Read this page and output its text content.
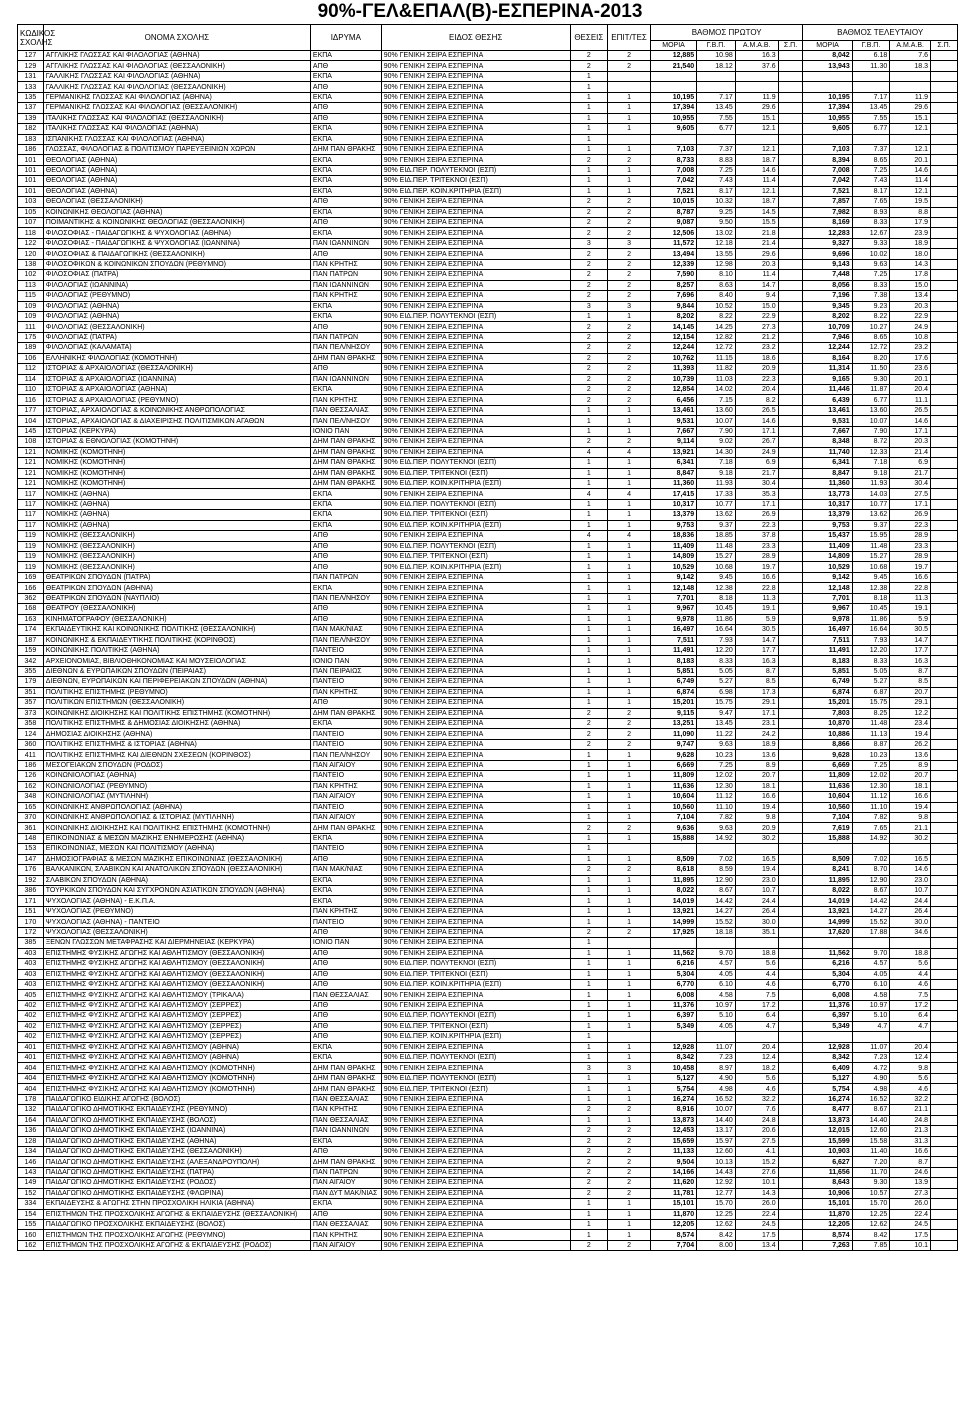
90%-ΓΕΛ&ΕΠΑΛ(Β)-ΕΣΠΕΡΙΝΑ-2013
ΚΩΔΙΚΟΣ ΣΧΟΛΗΣ	ΟΝΟΜΑ ΣΧΟΛΗΣ	ΙΔΡΥΜΑ	ΕΙΔΟΣ ΘΕΣΗΣ	ΘΕΣΕΙΣ	ΕΠΙΤ/ΤΕΣ	ΒΑΘΜΟΣ ΠΡΩΤΟΥ				ΒΑΘΜΟΣ ΤΕΛΕΥΤΑΙΟΥ			
						ΜΟΡΙΑ	Γ.Β.Π.	Α.Μ.Α.Β.	Σ.Π.	ΜΟΡΙΑ	Γ.Β.Π.	Α.Μ.Α.Β.	Σ.Π.
127	ΑΓΓΛΙΚΗΣ ΓΛΩΣΣΑΣ ΚΑΙ ΦΙΛΟΛΟΓΙΑΣ (ΑΘΗΝΑ)	ΕΚΠΑ	90% ΓΕΝΙΚΗ ΣΕΙΡΑ ΕΣΠΕΡΙΝΑ	2	2	12,885	10.98	16.3		8,042	6.18	7.6	
129	ΑΓΓΛΙΚΗΣ ΓΛΩΣΣΑΣ ΚΑΙ ΦΙΛΟΛΟΓΙΑΣ (ΘΕΣΣΑΛΟΝΙΚΗ)	ΑΠΘ	90% ΓΕΝΙΚΗ ΣΕΙΡΑ ΕΣΠΕΡΙΝΑ	2	2	21,540	18.12	37.6		13,943	11.30	18.3	
131	ΓΑΛΛΙΚΗΣ ΓΛΩΣΣΑΣ ΚΑΙ ΦΙΛΟΛΟΓΙΑΣ (ΑΘΗΝΑ)	ΕΚΠΑ	90% ΓΕΝΙΚΗ ΣΕΙΡΑ ΕΣΠΕΡΙΝΑ	1									
133	ΓΑΛΛΙΚΗΣ ΓΛΩΣΣΑΣ ΚΑΙ ΦΙΛΟΛΟΓΙΑΣ (ΘΕΣΣΑΛΟΝΙΚΗ)	ΑΠΘ	90% ΓΕΝΙΚΗ ΣΕΙΡΑ ΕΣΠΕΡΙΝΑ	1									
135	ΓΕΡΜΑΝΙΚΗΣ ΓΛΩΣΣΑΣ ΚΑΙ ΦΙΛΟΛΟΓΙΑΣ (ΑΘΗΝΑ)	ΕΚΠΑ	90% ΓΕΝΙΚΗ ΣΕΙΡΑ ΕΣΠΕΡΙΝΑ	1	1	10,195	7.17	11.9		10,195	7.17	11.9	
137	ΓΕΡΜΑΝΙΚΗΣ ΓΛΩΣΣΑΣ ΚΑΙ ΦΙΛΟΛΟΓΙΑΣ (ΘΕΣΣΑΛΟΝΙΚΗ)	ΑΠΘ	90% ΓΕΝΙΚΗ ΣΕΙΡΑ ΕΣΠΕΡΙΝΑ	1	1	17,394	13.45	29.6		17,394	13.45	29.6	
139	ΙΤΑΛΙΚΗΣ ΓΛΩΣΣΑΣ ΚΑΙ ΦΙΛΟΛΟΓΙΑΣ (ΘΕΣΣΑΛΟΝΙΚΗ)	ΑΠΘ	90% ΓΕΝΙΚΗ ΣΕΙΡΑ ΕΣΠΕΡΙΝΑ	1	1	10,955	7.55	15.1		10,955	7.55	15.1	
182	ΙΤΑΛΙΚΗΣ ΓΛΩΣΣΑΣ ΚΑΙ ΦΙΛΟΛΟΓΙΑΣ (ΑΘΗΝΑ)	ΕΚΠΑ	90% ΓΕΝΙΚΗ ΣΕΙΡΑ ΕΣΠΕΡΙΝΑ	1	1	9,605	6.77	12.1		9,605	6.77	12.1	
183	ΙΣΠΑΝΙΚΗΣ ΓΛΩΣΣΑΣ ΚΑΙ ΦΙΛΟΛΟΓΙΑΣ (ΑΘΗΝΑ)	ΕΚΠΑ	90% ΓΕΝΙΚΗ ΣΕΙΡΑ ΕΣΠΕΡΙΝΑ	1									
186	ΓΛΩΣΣΑΣ, ΦΙΛΟΛΟΓΙΑΣ & ΠΟΛΙΤΙΣΜΟΥ ΠΑΡΕΥΞΕΙΝΙΩΝ ΧΩΡΩΝ	ΔΗΜ ΠΑΝ ΘΡΑΚΗΣ	90% ΓΕΝΙΚΗ ΣΕΙΡΑ ΕΣΠΕΡΙΝΑ	1	1	7,103	7.37	12.1		7,103	7.37	12.1	
101	ΘΕΟΛΟΓΙΑΣ (ΑΘΗΝΑ)	ΕΚΠΑ	90% ΓΕΝΙΚΗ ΣΕΙΡΑ ΕΣΠΕΡΙΝΑ	2	2	8,733	8.83	18.7		8,394	8.65	20.1	
101	ΘΕΟΛΟΓΙΑΣ (ΑΘΗΝΑ)	ΕΚΠΑ	90% ΕΙΔ.ΠΕΡ. ΠΟΛΥΤΕΚΝΟΙ (ΕΣΠ)	1	1	7,008	7.25	14.6		7,008	7.25	14.6	
101	ΘΕΟΛΟΓΙΑΣ (ΑΘΗΝΑ)	ΕΚΠΑ	90% ΕΙΔ.ΠΕΡ. ΤΡΙΤΕΚΝΟΙ (ΕΣΠ)	1	1	7,042	7.43	11.4		7,042	7.43	11.4	
101	ΘΕΟΛΟΓΙΑΣ (ΑΘΗΝΑ)	ΕΚΠΑ	90% ΕΙΔ.ΠΕΡ. ΚΟΙΝ.ΚΡΙΤΗΡΙΑ (ΕΣΠ)	1	1	7,521	8.17	12.1		7,521	8.17	12.1	
103	ΘΕΟΛΟΓΙΑΣ (ΘΕΣΣΑΛΟΝΙΚΗ)	ΑΠΘ	90% ΓΕΝΙΚΗ ΣΕΙΡΑ ΕΣΠΕΡΙΝΑ	2	2	10,015	10.32	18.7		7,857	7.65	19.5	
105	ΚΟΙΝΩΝΙΚΗΣ ΘΕΟΛΟΓΙΑΣ (ΑΘΗΝΑ)	ΕΚΠΑ	90% ΓΕΝΙΚΗ ΣΕΙΡΑ ΕΣΠΕΡΙΝΑ	2	2	8,787	9.25	14.5		7,982	8.93	8.8	
107	ΠΟΙΜΑΝΤΙΚΗΣ & ΚΟΙΝΩΝΙΚΗΣ ΘΕΟΛΟΓΙΑΣ (ΘΕΣΣΑΛΟΝΙΚΗ)	ΑΠΘ	90% ΓΕΝΙΚΗ ΣΕΙΡΑ ΕΣΠΕΡΙΝΑ	2	2	9,087	9.50	15.5		8,169	8.33	17.9	
118	ΦΙΛΟΣΟΦΙΑΣ - ΠΑΙΔΑΓΩΓΙΚΗΣ & ΨΥΧΟΛΟΓΙΑΣ (ΑΘΗΝΑ)	ΕΚΠΑ	90% ΓΕΝΙΚΗ ΣΕΙΡΑ ΕΣΠΕΡΙΝΑ	2	2	12,506	13.02	21.8		12,283	12.67	23.9	
122	ΦΙΛΟΣΟΦΙΑΣ - ΠΑΙΔΑΓΩΓΙΚΗΣ & ΨΥΧΟΛΟΓΙΑΣ (ΙΩΑΝΝΙΝΑ)	ΠΑΝ ΙΩΑΝΝΙΝΩΝ	90% ΓΕΝΙΚΗ ΣΕΙΡΑ ΕΣΠΕΡΙΝΑ	3	3	11,572	12.18	21.4		9,327	9.33	18.9	
120	ΦΙΛΟΣΟΦΙΑΣ & ΠΑΙΔΑΓΩΓΙΚΗΣ (ΘΕΣΣΑΛΟΝΙΚΗ)	ΑΠΘ	90% ΓΕΝΙΚΗ ΣΕΙΡΑ ΕΣΠΕΡΙΝΑ	2	2	13,494	13.55	29.6		9,696	10.02	18.0	
138	ΦΙΛΟΣΟΦΙΚΩΝ & ΚΟΙΝΩΝΙΚΩΝ ΣΠΟΥΔΩΝ (ΡΕΘΥΜΝΟ)	ΠΑΝ ΚΡΗΤΗΣ	90% ΓΕΝΙΚΗ ΣΕΙΡΑ ΕΣΠΕΡΙΝΑ	2	2	12,339	12.98	20.3		9,143	9.63	14.3	
102	ΦΙΛΟΣΟΦΙΑΣ (ΠΑΤΡΑ)	ΠΑΝ ΠΑΤΡΩΝ	90% ΓΕΝΙΚΗ ΣΕΙΡΑ ΕΣΠΕΡΙΝΑ	2	2	7,590	8.10	11.4		7,448	7.25	17.8	
113	ΦΙΛΟΛΟΓΙΑΣ (ΙΩΑΝΝΙΝΑ)	ΠΑΝ ΙΩΑΝΝΙΝΩΝ	90% ΓΕΝΙΚΗ ΣΕΙΡΑ ΕΣΠΕΡΙΝΑ	2	2	8,257	8.63	14.7		8,056	8.33	15.0	
115	ΦΙΛΟΛΟΓΙΑΣ (ΡΕΘΥΜΝΟ)	ΠΑΝ ΚΡΗΤΗΣ	90% ΓΕΝΙΚΗ ΣΕΙΡΑ ΕΣΠΕΡΙΝΑ	2	2	7,696	8.40	9.4		7,196	7.38	13.4	
109	ΦΙΛΟΛΟΓΙΑΣ (ΑΘΗΝΑ)	ΕΚΠΑ	90% ΓΕΝΙΚΗ ΣΕΙΡΑ ΕΣΠΕΡΙΝΑ	3	3	9,844	10.52	15.0		9,345	9.23	20.3	
109	ΦΙΛΟΛΟΓΙΑΣ (ΑΘΗΝΑ)	ΕΚΠΑ	90% ΕΙΔ.ΠΕΡ. ΠΟΛΥΤΕΚΝΟΙ (ΕΣΠ)	1	1	8,202	8.22	22.9		8,202	8.22	22.9	
111	ΦΙΛΟΛΟΓΙΑΣ (ΘΕΣΣΑΛΟΝΙΚΗ)	ΑΠΘ	90% ΓΕΝΙΚΗ ΣΕΙΡΑ ΕΣΠΕΡΙΝΑ	2	2	14,145	14.25	27.3		10,709	10.27	24.9	
175	ΦΙΛΟΛΟΓΙΑΣ (ΠΑΤΡΑ)	ΠΑΝ ΠΑΤΡΩΝ	90% ΓΕΝΙΚΗ ΣΕΙΡΑ ΕΣΠΕΡΙΝΑ	2	2	12,154	12.82	21.2		7,946	8.65	10.8	
189	ΦΙΛΟΛΟΓΙΑΣ (ΚΑΛΑΜΑΤΑ)	ΠΑΝ ΠΕΛ/ΝΗΣΟΥ	90% ΓΕΝΙΚΗ ΣΕΙΡΑ ΕΣΠΕΡΙΝΑ	2	2	12,244	12.72	23.2		12,244	12.72	23.2	
106	ΕΛΛΗΝΙΚΗΣ ΦΙΛΟΛΟΓΙΑΣ (ΚΟΜΟΤΗΝΗ)	ΔΗΜ ΠΑΝ ΘΡΑΚΗΣ	90% ΓΕΝΙΚΗ ΣΕΙΡΑ ΕΣΠΕΡΙΝΑ	2	2	10,762	11.15	18.6		8,164	8.20	17.6	
112	ΙΣΤΟΡΙΑΣ & ΑΡΧΑΙΟΛΟΓΙΑΣ (ΘΕΣΣΑΛΟΝΙΚΗ)	ΑΠΘ	90% ΓΕΝΙΚΗ ΣΕΙΡΑ ΕΣΠΕΡΙΝΑ	2	2	11,393	11.82	20.9		11,314	11.50	23.6	
114	ΙΣΤΟΡΙΑΣ & ΑΡΧΑΙΟΛΟΓΙΑΣ (ΙΩΑΝΝΙΝΑ)	ΠΑΝ ΙΩΑΝΝΙΝΩΝ	90% ΓΕΝΙΚΗ ΣΕΙΡΑ ΕΣΠΕΡΙΝΑ	2	2	10,739	11.03	22.3		9,165	9.30	20.1	
110	ΙΣΤΟΡΙΑΣ & ΑΡΧΑΙΟΛΟΓΙΑΣ (ΑΘΗΝΑ)	ΕΚΠΑ	90% ΓΕΝΙΚΗ ΣΕΙΡΑ ΕΣΠΕΡΙΝΑ	2	2	12,854	14.02	20.4		11,446	11.87	20.4	
116	ΙΣΤΟΡΙΑΣ & ΑΡΧΑΙΟΛΟΓΙΑΣ (ΡΕΘΥΜΝΟ)	ΠΑΝ ΚΡΗΤΗΣ	90% ΓΕΝΙΚΗ ΣΕΙΡΑ ΕΣΠΕΡΙΝΑ	2	2	6,456	7.15	8.2		6,439	6.77	11.1	
177	ΙΣΤΟΡΙΑΣ, ΑΡΧΑΙΟΛΟΓΙΑΣ & ΚΟΙΝΩΝΙΚΗΣ ΑΝΘΡΩΠΟΛΟΓΙΑΣ	ΠΑΝ ΘΕΣΣΑΛΙΑΣ	90% ΓΕΝΙΚΗ ΣΕΙΡΑ ΕΣΠΕΡΙΝΑ	1	1	13,461	13.60	26.5		13,461	13.60	26.5	
104	ΙΣΤΟΡΙΑΣ, ΑΡΧΑΙΟΛΟΓΙΑΣ & ΔΙΑΧΕΙΡΙΣΗΣ ΠΟΛΙΤΙΣΜΙΚΩΝ ΑΓΑΘΩΝ	ΠΑΝ ΠΕΛ/ΝΗΣΟΥ	90% ΓΕΝΙΚΗ ΣΕΙΡΑ ΕΣΠΕΡΙΝΑ	1	1	9,531	10.07	14.6		9,531	10.07	14.6	
145	ΙΣΤΟΡΙΑΣ (ΚΕΡΚΥΡΑ)	ΙΟΝΙΟ ΠΑΝ	90% ΓΕΝΙΚΗ ΣΕΙΡΑ ΕΣΠΕΡΙΝΑ	1	1	7,667	7.90	17.1		7,667	7.90	17.1	
108	ΙΣΤΟΡΙΑΣ & ΕΘΝΟΛΟΓΙΑΣ (ΚΟΜΟΤΗΝΗ)	ΔΗΜ ΠΑΝ ΘΡΑΚΗΣ	90% ΓΕΝΙΚΗ ΣΕΙΡΑ ΕΣΠΕΡΙΝΑ	2	2	9,114	9.02	26.7		8,348	8.72	20.3	
121	ΝΟΜΙΚΗΣ (ΚΟΜΟΤΗΝΗ)	ΔΗΜ ΠΑΝ ΘΡΑΚΗΣ	90% ΓΕΝΙΚΗ ΣΕΙΡΑ ΕΣΠΕΡΙΝΑ	4	4	13,921	14.30	24.9		11,740	12.33	21.4	
121	ΝΟΜΙΚΗΣ (ΚΟΜΟΤΗΝΗ)	ΔΗΜ ΠΑΝ ΘΡΑΚΗΣ	90% ΕΙΔ.ΠΕΡ. ΠΟΛΥΤΕΚΝΟΙ (ΕΣΠ)	1	1	6,341	7.18	6.9		6,341	7.18	6.9	
121	ΝΟΜΙΚΗΣ (ΚΟΜΟΤΗΝΗ)	ΔΗΜ ΠΑΝ ΘΡΑΚΗΣ	90% ΕΙΔ.ΠΕΡ. ΤΡΙΤΕΚΝΟΙ (ΕΣΠ)	1	1	8,847	9.18	21.7		8,847	9.18	21.7	
121	ΝΟΜΙΚΗΣ (ΚΟΜΟΤΗΝΗ)	ΔΗΜ ΠΑΝ ΘΡΑΚΗΣ	90% ΕΙΔ.ΠΕΡ. ΚΟΙΝ.ΚΡΙΤΗΡΙΑ (ΕΣΠ)	1	1	11,360	11.93	30.4		11,360	11.93	30.4	
117	ΝΟΜΙΚΗΣ (ΑΘΗΝΑ)	ΕΚΠΑ	90% ΓΕΝΙΚΗ ΣΕΙΡΑ ΕΣΠΕΡΙΝΑ	4	4	17,415	17.33	35.3		13,773	14.03	27.5	
117	ΝΟΜΙΚΗΣ (ΑΘΗΝΑ)	ΕΚΠΑ	90% ΕΙΔ.ΠΕΡ. ΠΟΛΥΤΕΚΝΟΙ (ΕΣΠ)	1	1	10,317	10.77	17.1		10,317	10.77	17.1	
117	ΝΟΜΙΚΗΣ (ΑΘΗΝΑ)	ΕΚΠΑ	90% ΕΙΔ.ΠΕΡ. ΤΡΙΤΕΚΝΟΙ (ΕΣΠ)	1	1	13,379	13.62	26.9		13,379	13.62	26.9	
117	ΝΟΜΙΚΗΣ (ΑΘΗΝΑ)	ΕΚΠΑ	90% ΕΙΔ.ΠΕΡ. ΚΟΙΝ.ΚΡΙΤΗΡΙΑ (ΕΣΠ)	1	1	9,753	9.37	22.3		9,753	9.37	22.3	
119	ΝΟΜΙΚΗΣ (ΘΕΣΣΑΛΟΝΙΚΗ)	ΑΠΘ	90% ΓΕΝΙΚΗ ΣΕΙΡΑ ΕΣΠΕΡΙΝΑ	4	4	18,836	18.85	37.8		15,437	15.95	28.9	
119	ΝΟΜΙΚΗΣ (ΘΕΣΣΑΛΟΝΙΚΗ)	ΑΠΘ	90% ΕΙΔ.ΠΕΡ. ΠΟΛΥΤΕΚΝΟΙ (ΕΣΠ)	1	1	11,409	11.48	23.3		11,409	11.48	23.3	
119	ΝΟΜΙΚΗΣ (ΘΕΣΣΑΛΟΝΙΚΗ)	ΑΠΘ	90% ΕΙΔ.ΠΕΡ. ΤΡΙΤΕΚΝΟΙ (ΕΣΠ)	1	1	14,809	15.27	28.9		14,809	15.27	28.9	
119	ΝΟΜΙΚΗΣ (ΘΕΣΣΑΛΟΝΙΚΗ)	ΑΠΘ	90% ΕΙΔ.ΠΕΡ. ΚΟΙΝ.ΚΡΙΤΗΡΙΑ (ΕΣΠ)	1	1	10,529	10.68	19.7		10,529	10.68	19.7	
169	ΘΕΑΤΡΙΚΩΝ ΣΠΟΥΔΩΝ (ΠΑΤΡΑ)	ΠΑΝ ΠΑΤΡΩΝ	90% ΓΕΝΙΚΗ ΣΕΙΡΑ ΕΣΠΕΡΙΝΑ	1	1	9,142	9.45	16.6		9,142	9.45	16.6	
166	ΘΕΑΤΡΙΚΩΝ ΣΠΟΥΔΩΝ (ΑΘΗΝΑ)	ΕΚΠΑ	90% ΓΕΝΙΚΗ ΣΕΙΡΑ ΕΣΠΕΡΙΝΑ	1	1	12,148	12.38	22.8		12,148	12.38	22.8	
362	ΘΕΑΤΡΙΚΩΝ ΣΠΟΥΔΩΝ (ΝΑΥΠΛΙΟ)	ΠΑΝ ΠΕΛ/ΝΗΣΟΥ	90% ΓΕΝΙΚΗ ΣΕΙΡΑ ΕΣΠΕΡΙΝΑ	1	1	7,701	8.18	11.3		7,701	8.18	11.3	
168	ΘΕΑΤΡΟΥ (ΘΕΣΣΑΛΟΝΙΚΗ)	ΑΠΘ	90% ΓΕΝΙΚΗ ΣΕΙΡΑ ΕΣΠΕΡΙΝΑ	1	1	9,967	10.45	19.1		9,967	10.45	19.1	
163	ΚΙΝΗΜΑΤΟΓΡΑΦΟΥ (ΘΕΣΣΑΛΟΝΙΚΗ)	ΑΠΘ	90% ΓΕΝΙΚΗ ΣΕΙΡΑ ΕΣΠΕΡΙΝΑ	1	1	9,978	11.86	5.9		9,978	11.86	5.9	
174	ΕΚΠΑΙΔΕΥΤΙΚΗΣ ΚΑΙ ΚΟΙΝΩΝΙΚΗΣ ΠΟΛΙΤΙΚΗΣ (ΘΕΣΣΑΛΟΝΙΚΗ)	ΠΑΝ ΜΑΚ/ΝΙΑΣ	90% ΓΕΝΙΚΗ ΣΕΙΡΑ ΕΣΠΕΡΙΝΑ	1	1	16,497	16.64	30.5		16,497	16.64	30.5	
187	ΚΟΙΝΩΝΙΚΗΣ & ΕΚΠΑΙΔΕΥΤΙΚΗΣ ΠΟΛΙΤΙΚΗΣ (ΚΟΡΙΝΘΟΣ)	ΠΑΝ ΠΕΛ/ΝΗΣΟΥ	90% ΓΕΝΙΚΗ ΣΕΙΡΑ ΕΣΠΕΡΙΝΑ	1	1	7,511	7.93	14.7		7,511	7.93	14.7	
159	ΚΟΙΝΩΝΙΚΗΣ ΠΟΛΙΤΙΚΗΣ (ΑΘΗΝΑ)	ΠΑΝΤΕΙΟ	90% ΓΕΝΙΚΗ ΣΕΙΡΑ ΕΣΠΕΡΙΝΑ	1	1	11,491	12.20	17.7		11,491	12.20	17.7	
342	ΑΡΧΕΙΟΝΟΜΙΑΣ, ΒΙΒΛΙΟΘΗΚΟΝΟΜΙΑΣ ΚΑΙ ΜΟΥΣΕΙΟΛΟΓΙΑΣ	ΙΟΝΙΟ ΠΑΝ	90% ΓΕΝΙΚΗ ΣΕΙΡΑ ΕΣΠΕΡΙΝΑ	1	1	8,183	8.33	16.3		8,183	8.33	16.3	
355	ΔΙΕΘΝΩΝ & ΕΥΡΩΠΑΙΚΩΝ ΣΠΟΥΔΩΝ (ΠΕΙΡΑΙΑΣ)	ΠΑΝ ΠΕΙΡΑΙΩΣ	90% ΓΕΝΙΚΗ ΣΕΙΡΑ ΕΣΠΕΡΙΝΑ	1	1	5,851	5.05	8.7		5,851	5.05	8.7	
179	ΔΙΕΘΝΩΝ, ΕΥΡΩΠΑΙΚΩΝ ΚΑΙ ΠΕΡΙΦΕΡΕΙΑΚΩΝ ΣΠΟΥΔΩΝ (ΑΘΗΝΑ)	ΠΑΝΤΕΙΟ	90% ΓΕΝΙΚΗ ΣΕΙΡΑ ΕΣΠΕΡΙΝΑ	1	1	6,749	5.27	8.5		6,749	5.27	8.5	
351	ΠΟΛΙΤΙΚΗΣ ΕΠΙΣΤΗΜΗΣ (ΡΕΘΥΜΝΟ)	ΠΑΝ ΚΡΗΤΗΣ	90% ΓΕΝΙΚΗ ΣΕΙΡΑ ΕΣΠΕΡΙΝΑ	1	1	6,874	6.98	17.3		6,874	6.87	20.7	
357	ΠΟΛΙΤΙΚΩΝ ΕΠΙΣΤΗΜΩΝ (ΘΕΣΣΑΛΟΝΙΚΗ)	ΑΠΘ	90% ΓΕΝΙΚΗ ΣΕΙΡΑ ΕΣΠΕΡΙΝΑ	1	1	15,201	15.75	29.1		15,201	15.75	29.1	
373	ΚΟΙΝΩΝΙΚΗΣ ΔΙΟΙΚΗΣΗΣ ΚΑΙ ΠΟΛΙΤΙΚΗΣ ΕΠΙΣΤΗΜΗΣ (ΚΟΜΟΤΗΝΗ)	ΔΗΜ ΠΑΝ ΘΡΑΚΗΣ	90% ΓΕΝΙΚΗ ΣΕΙΡΑ ΕΣΠΕΡΙΝΑ	2	2	9,115	9.47	17.1		7,803	8.25	12.2	
358	ΠΟΛΙΤΙΚΗΣ ΕΠΙΣΤΗΜΗΣ & ΔΗΜΟΣΙΑΣ ΔΙΟΙΚΗΣΗΣ (ΑΘΗΝΑ)	ΕΚΠΑ	90% ΓΕΝΙΚΗ ΣΕΙΡΑ ΕΣΠΕΡΙΝΑ	2	2	13,251	13.45	23.1		10,870	11.48	23.4	
124	ΔΗΜΟΣΙΑΣ ΔΙΟΙΚΗΣΗΣ (ΑΘΗΝΑ)	ΠΑΝΤΕΙΟ	90% ΓΕΝΙΚΗ ΣΕΙΡΑ ΕΣΠΕΡΙΝΑ	2	2	11,090	11.22	24.2		10,886	11.13	19.4	
360	ΠΟΛΙΤΙΚΗΣ ΕΠΙΣΤΗΜΗΣ & ΙΣΤΟΡΙΑΣ (ΑΘΗΝΑ)	ΠΑΝΤΕΙΟ	90% ΓΕΝΙΚΗ ΣΕΙΡΑ ΕΣΠΕΡΙΝΑ	2	2	9,747	9.63	18.9		8,866	8.87	26.2	
411	ΠΟΛΙΤΙΚΗΣ ΕΠΙΣΤΗΜΗΣ ΚΑΙ ΔΙΕΘΝΩΝ ΣΧΕΣΕΩΝ (ΚΟΡΙΝΘΟΣ)	ΠΑΝ ΠΕΛ/ΝΗΣΟΥ	90% ΓΕΝΙΚΗ ΣΕΙΡΑ ΕΣΠΕΡΙΝΑ	1	1	9,628	10.23	13.6		9,628	10.23	13.6	
186	ΜΕΣΟΓΕΙΑΚΩΝ ΣΠΟΥΔΩΝ (ΡΟΔΟΣ)	ΠΑΝ ΑΙΓΑΙΟΥ	90% ΓΕΝΙΚΗ ΣΕΙΡΑ ΕΣΠΕΡΙΝΑ	1	1	6,669	7.25	8.9		6,669	7.25	8.9	
126	ΚΟΙΝΩΝΙΟΛΟΓΙΑΣ (ΑΘΗΝΑ)	ΠΑΝΤΕΙΟ	90% ΓΕΝΙΚΗ ΣΕΙΡΑ ΕΣΠΕΡΙΝΑ	1	1	11,809	12.02	20.7		11,809	12.02	20.7	
162	ΚΟΙΝΩΝΙΟΛΟΓΙΑΣ (ΡΕΘΥΜΝΟ)	ΠΑΝ ΚΡΗΤΗΣ	90% ΓΕΝΙΚΗ ΣΕΙΡΑ ΕΣΠΕΡΙΝΑ	1	1	11,636	12.30	18.1		11,636	12.30	18.1	
348	ΚΟΙΝΩΝΙΟΛΟΓΙΑΣ (ΜΥΤΙΛΗΝΗ)	ΠΑΝ ΑΙΓΑΙΟΥ	90% ΓΕΝΙΚΗ ΣΕΙΡΑ ΕΣΠΕΡΙΝΑ	1	1	10,604	11.12	16.6		10,604	11.12	16.6	
165	ΚΟΙΝΩΝΙΚΗΣ ΑΝΘΡΩΠΟΛΟΓΙΑΣ (ΑΘΗΝΑ)	ΠΑΝΤΕΙΟ	90% ΓΕΝΙΚΗ ΣΕΙΡΑ ΕΣΠΕΡΙΝΑ	1	1	10,560	11.10	19.4		10,560	11.10	19.4	
370	ΚΟΙΝΩΝΙΚΗΣ ΑΝΘΡΩΠΟΛΟΓΙΑΣ & ΙΣΤΟΡΙΑΣ (ΜΥΤΙΛΗΝΗ)	ΠΑΝ ΑΙΓΑΙΟΥ	90% ΓΕΝΙΚΗ ΣΕΙΡΑ ΕΣΠΕΡΙΝΑ	1	1	7,104	7.82	9.8		7,104	7.82	9.8	
361	ΚΟΙΝΩΝΙΚΗΣ ΔΙΟΙΚΗΣΗΣ ΚΑΙ ΠΟΛΙΤΙΚΗΣ ΕΠΙΣΤΗΜΗΣ (ΚΟΜΟΤΗΝΗ)	ΔΗΜ ΠΑΝ ΘΡΑΚΗΣ	90% ΓΕΝΙΚΗ ΣΕΙΡΑ ΕΣΠΕΡΙΝΑ	2	2	9,636	9.63	20.9		7,619	7.65	21.1	
148	ΕΠΙΚΟΙΝΩΝΙΑΣ & ΜΕΣΩΝ ΜΑΖΙΚΗΣ ΕΝΗΜΕΡΩΣΗΣ (ΑΘΗΝΑ)	ΕΚΠΑ	90% ΓΕΝΙΚΗ ΣΕΙΡΑ ΕΣΠΕΡΙΝΑ	1	1	15,888	14.92	30.2		15,888	14.92	30.2	
153	ΕΠΙΚΟΙΝΩΝΙΑΣ, ΜΕΣΩΝ ΚΑΙ ΠΟΛΙΤΙΣΜΟΥ (ΑΘΗΝΑ)	ΠΑΝΤΕΙΟ	90% ΓΕΝΙΚΗ ΣΕΙΡΑ ΕΣΠΕΡΙΝΑ	1									
147	ΔΗΜΟΣΙΟΓΡΑΦΙΑΣ & ΜΕΣΩΝ ΜΑΖΙΚΗΣ ΕΠΙΚΟΙΝΩΝΙΑΣ (ΘΕΣΣΑΛΟΝΙΚΗ)	ΑΠΘ	90% ΓΕΝΙΚΗ ΣΕΙΡΑ ΕΣΠΕΡΙΝΑ	1	1	8,509	7.02	16.5		8,509	7.02	16.5	
176	ΒΑΛΚΑΝΙΚΩΝ, ΣΛΑΒΙΚΩΝ ΚΑΙ ΑΝΑΤΟΛΙΚΩΝ ΣΠΟΥΔΩΝ (ΘΕΣΣΑΛΟΝΙΚΗ)	ΠΑΝ ΜΑΚ/ΝΙΑΣ	90% ΓΕΝΙΚΗ ΣΕΙΡΑ ΕΣΠΕΡΙΝΑ	2	2	8,618	8.59	19.4		8,241	8.70	14.6	
192	ΣΛΑΒΙΚΩΝ ΣΠΟΥΔΩΝ (ΑΘΗΝΑ)	ΕΚΠΑ	90% ΓΕΝΙΚΗ ΣΕΙΡΑ ΕΣΠΕΡΙΝΑ	1	1	11,895	12.90	23.0		11,895	12.90	23.0	
386	ΤΟΥΡΚΙΚΩΝ ΣΠΟΥΔΩΝ ΚΑΙ ΣΥΓΧΡΟΝΩΝ ΑΣΙΑΤΙΚΩΝ ΣΠΟΥΔΩΝ (ΑΘΗΝΑ)	ΕΚΠΑ	90% ΓΕΝΙΚΗ ΣΕΙΡΑ ΕΣΠΕΡΙΝΑ	1	1	8,022	8.67	10.7		8,022	8.67	10.7	
171	ΨΥΧΟΛΟΓΙΑΣ (ΑΘΗΝΑ) - Ε.Κ.Π.Α.	ΕΚΠΑ	90% ΓΕΝΙΚΗ ΣΕΙΡΑ ΕΣΠΕΡΙΝΑ	1	1	14,019	14.42	24.4		14,019	14.42	24.4	
151	ΨΥΧΟΛΟΓΙΑΣ (ΡΕΘΥΜΝΟ)	ΠΑΝ ΚΡΗΤΗΣ	90% ΓΕΝΙΚΗ ΣΕΙΡΑ ΕΣΠΕΡΙΝΑ	1	1	13,921	14.27	26.4		13,921	14.27	26.4	
170	ΨΥΧΟΛΟΓΙΑΣ (ΑΘΗΝΑ) - ΠΑΝΤΕΙΟ	ΠΑΝΤΕΙΟ	90% ΓΕΝΙΚΗ ΣΕΙΡΑ ΕΣΠΕΡΙΝΑ	1	1	14,999	15.52	30.0		14,999	15.52	30.0	
172	ΨΥΧΟΛΟΓΙΑΣ (ΘΕΣΣΑΛΟΝΙΚΗ)	ΑΠΘ	90% ΓΕΝΙΚΗ ΣΕΙΡΑ ΕΣΠΕΡΙΝΑ	2	2	17,925	18.18	35.1		17,620	17.88	34.6	
385	ΞΕΝΩΝ ΓΛΩΣΣΩΝ ΜΕΤΑΦΡΑΣΗΣ ΚΑΙ ΔΙΕΡΜΗΝΕΙΑΣ (ΚΕΡΚΥΡΑ)	ΙΟΝΙΟ ΠΑΝ	90% ΓΕΝΙΚΗ ΣΕΙΡΑ ΕΣΠΕΡΙΝΑ	1									
403	ΕΠΙΣΤΗΜΗΣ ΦΥΣΙΚΗΣ ΑΓΩΓΗΣ ΚΑΙ ΑΘΛΗΤΙΣΜΟΥ (ΘΕΣΣΑΛΟΝΙΚΗ)	ΑΠΘ	90% ΓΕΝΙΚΗ ΣΕΙΡΑ ΕΣΠΕΡΙΝΑ	1	1	11,562	9.70	18.8		11,562	9.70	18.8	
403	ΕΠΙΣΤΗΜΗΣ ΦΥΣΙΚΗΣ ΑΓΩΓΗΣ ΚΑΙ ΑΘΛΗΤΙΣΜΟΥ (ΘΕΣΣΑΛΟΝΙΚΗ)	ΑΠΘ	90% ΕΙΔ.ΠΕΡ. ΠΟΛΥΤΕΚΝΟΙ (ΕΣΠ)	1	1	6,216	4.57	5.6		6,216	4.57	5.6	
403	ΕΠΙΣΤΗΜΗΣ ΦΥΣΙΚΗΣ ΑΓΩΓΗΣ ΚΑΙ ΑΘΛΗΤΙΣΜΟΥ (ΘΕΣΣΑΛΟΝΙΚΗ)	ΑΠΘ	90% ΕΙΔ.ΠΕΡ. ΤΡΙΤΕΚΝΟΙ (ΕΣΠ)	1	1	5,304	4.05	4.4		5,304	4.05	4.4	
403	ΕΠΙΣΤΗΜΗΣ ΦΥΣΙΚΗΣ ΑΓΩΓΗΣ ΚΑΙ ΑΘΛΗΤΙΣΜΟΥ (ΘΕΣΣΑΛΟΝΙΚΗ)	ΑΠΘ	90% ΕΙΔ.ΠΕΡ. ΚΟΙΝ.ΚΡΙΤΗΡΙΑ (ΕΣΠ)	1	1	6,770	6.10	4.6		6,770	6.10	4.6	
405	ΕΠΙΣΤΗΜΗΣ ΦΥΣΙΚΗΣ ΑΓΩΓΗΣ ΚΑΙ ΑΘΛΗΤΙΣΜΟΥ (ΤΡΙΚΑΛΑ)	ΠΑΝ ΘΕΣΣΑΛΙΑΣ	90% ΓΕΝΙΚΗ ΣΕΙΡΑ ΕΣΠΕΡΙΝΑ	1	1	6,008	4.58	7.5		6,008	4.58	7.5	
402	ΕΠΙΣΤΗΜΗΣ ΦΥΣΙΚΗΣ ΑΓΩΓΗΣ ΚΑΙ ΑΘΛΗΤΙΣΜΟΥ (ΣΕΡΡΕΣ)	ΑΠΘ	90% ΓΕΝΙΚΗ ΣΕΙΡΑ ΕΣΠΕΡΙΝΑ	1	1	11,376	10.97	17.2		11,376	10.97	17.2	
402	ΕΠΙΣΤΗΜΗΣ ΦΥΣΙΚΗΣ ΑΓΩΓΗΣ ΚΑΙ ΑΘΛΗΤΙΣΜΟΥ (ΣΕΡΡΕΣ)	ΑΠΘ	90% ΕΙΔ.ΠΕΡ. ΠΟΛΥΤΕΚΝΟΙ (ΕΣΠ)	1	1	6,397	5.10	6.4		6,397	5.10	6.4	
402	ΕΠΙΣΤΗΜΗΣ ΦΥΣΙΚΗΣ ΑΓΩΓΗΣ ΚΑΙ ΑΘΛΗΤΙΣΜΟΥ (ΣΕΡΡΕΣ)	ΑΠΘ	90% ΕΙΔ.ΠΕΡ. ΤΡΙΤΕΚΝΟΙ (ΕΣΠ)	1	1	5,349	4.05	4.7		5,349	4.7	4.7	
402	ΕΠΙΣΤΗΜΗΣ ΦΥΣΙΚΗΣ ΑΓΩΓΗΣ ΚΑΙ ΑΘΛΗΤΙΣΜΟΥ (ΣΕΡΡΕΣ)	ΑΠΘ	90% ΕΙΔ.ΠΕΡ. ΚΟΙΝ.ΚΡΙΤΗΡΙΑ (ΕΣΠ)	1									
401	ΕΠΙΣΤΗΜΗΣ ΦΥΣΙΚΗΣ ΑΓΩΓΗΣ ΚΑΙ ΑΘΛΗΤΙΣΜΟΥ (ΑΘΗΝΑ)	ΕΚΠΑ	90% ΓΕΝΙΚΗ ΣΕΙΡΑ ΕΣΠΕΡΙΝΑ	1	1	12,928	11.07	20.4		12,928	11.07	20.4	
401	ΕΠΙΣΤΗΜΗΣ ΦΥΣΙΚΗΣ ΑΓΩΓΗΣ ΚΑΙ ΑΘΛΗΤΙΣΜΟΥ (ΑΘΗΝΑ)	ΕΚΠΑ	90% ΕΙΔ.ΠΕΡ. ΠΟΛΥΤΕΚΝΟΙ (ΕΣΠ)	1	1	8,342	7.23	12.4		8,342	7.23	12.4	
404	ΕΠΙΣΤΗΜΗΣ ΦΥΣΙΚΗΣ ΑΓΩΓΗΣ ΚΑΙ ΑΘΛΗΤΙΣΜΟΥ (ΚΟΜΟΤΗΝΗ)	ΔΗΜ ΠΑΝ ΘΡΑΚΗΣ	90% ΓΕΝΙΚΗ ΣΕΙΡΑ ΕΣΠΕΡΙΝΑ	3	3	10,458	8.97	18.2		6,409	4.72	9.8	
404	ΕΠΙΣΤΗΜΗΣ ΦΥΣΙΚΗΣ ΑΓΩΓΗΣ ΚΑΙ ΑΘΛΗΤΙΣΜΟΥ (ΚΟΜΟΤΗΝΗ)	ΔΗΜ ΠΑΝ ΘΡΑΚΗΣ	90% ΕΙΔ.ΠΕΡ. ΠΟΛΥΤΕΚΝΟΙ (ΕΣΠ)	1	1	5,127	4.90	5.6		5,127	4.90	5.6	
404	ΕΠΙΣΤΗΜΗΣ ΦΥΣΙΚΗΣ ΑΓΩΓΗΣ ΚΑΙ ΑΘΛΗΤΙΣΜΟΥ (ΚΟΜΟΤΗΝΗ)	ΔΗΜ ΠΑΝ ΘΡΑΚΗΣ	90% ΕΙΔ.ΠΕΡ. ΤΡΙΤΕΚΝΟΙ (ΕΣΠ)	1	1	5,754	4.98	4.6		5,754	4.98	4.6	
178	ΠΑΙΔΑΓΩΓΙΚΟ ΕΙΔΙΚΗΣ ΑΓΩΓΗΣ (ΒΟΛΟΣ)	ΠΑΝ ΘΕΣΣΑΛΙΑΣ	90% ΓΕΝΙΚΗ ΣΕΙΡΑ ΕΣΠΕΡΙΝΑ	1	1	16,274	16.52	32.2		16,274	16.52	32.2	
132	ΠΑΙΔΑΓΩΓΙΚΟ ΔΗΜΟΤΙΚΗΣ ΕΚΠΑΙΔΕΥΣΗΣ (ΡΕΘΥΜΝΟ)	ΠΑΝ ΚΡΗΤΗΣ	90% ΓΕΝΙΚΗ ΣΕΙΡΑ ΕΣΠΕΡΙΝΑ	2	2	8,916	10.07	7.6		8,477	8.67	21.1	
164	ΠΑΙΔΑΓΩΓΙΚΟ ΔΗΜΟΤΙΚΗΣ ΕΚΠΑΙΔΕΥΣΗΣ (ΒΟΛΟΣ)	ΠΑΝ ΘΕΣΣΑΛΙΑΣ	90% ΓΕΝΙΚΗ ΣΕΙΡΑ ΕΣΠΕΡΙΝΑ	1	1	13,873	14.40	24.8		13,873	14.40	24.8	
136	ΠΑΙΔΑΓΩΓΙΚΟ ΔΗΜΟΤΙΚΗΣ ΕΚΠΑΙΔΕΥΣΗΣ (ΙΩΑΝΝΙΝΑ)	ΠΑΝ ΙΩΑΝΝΙΝΩΝ	90% ΓΕΝΙΚΗ ΣΕΙΡΑ ΕΣΠΕΡΙΝΑ	2	2	12,453	13.17	20.6		12,015	12.60	21.3	
128	ΠΑΙΔΑΓΩΓΙΚΟ ΔΗΜΟΤΙΚΗΣ ΕΚΠΑΙΔΕΥΣΗΣ (ΑΘΗΝΑ)	ΕΚΠΑ	90% ΓΕΝΙΚΗ ΣΕΙΡΑ ΕΣΠΕΡΙΝΑ	2	2	15,659	15.97	27.5		15,599	15.58	31.3	
134	ΠΑΙΔΑΓΩΓΙΚΟ ΔΗΜΟΤΙΚΗΣ ΕΚΠΑΙΔΕΥΣΗΣ (ΘΕΣΣΑΛΟΝΙΚΗ)	ΑΠΘ	90% ΓΕΝΙΚΗ ΣΕΙΡΑ ΕΣΠΕΡΙΝΑ	2	2	11,133	12.60	4.1		10,903	11.40	16.6	
146	ΠΑΙΔΑΓΩΓΙΚΟ ΔΗΜΟΤΙΚΗΣ ΕΚΠΑΙΔΕΥΣΗΣ (ΑΛΕΞΑΝΔΡΟΥΠΟΛΗ)	ΔΗΜ ΠΑΝ ΘΡΑΚΗΣ	90% ΓΕΝΙΚΗ ΣΕΙΡΑ ΕΣΠΕΡΙΝΑ	2	2	9,504	10.13	15.2		6,627	7.20	8.7	
143	ΠΑΙΔΑΓΩΓΙΚΟ ΔΗΜΟΤΙΚΗΣ ΕΚΠΑΙΔΕΥΣΗΣ (ΠΑΤΡΑ)	ΠΑΝ ΠΑΤΡΩΝ	90% ΓΕΝΙΚΗ ΣΕΙΡΑ ΕΣΠΕΡΙΝΑ	2	2	14,166	14.43	27.6		11,656	11.70	24.6	
149	ΠΑΙΔΑΓΩΓΙΚΟ ΔΗΜΟΤΙΚΗΣ ΕΚΠΑΙΔΕΥΣΗΣ (ΡΟΔΟΣ)	ΠΑΝ ΑΙΓΑΙΟΥ	90% ΓΕΝΙΚΗ ΣΕΙΡΑ ΕΣΠΕΡΙΝΑ	2	2	11,620	12.92	10.1		8,643	9.30	13.9	
152	ΠΑΙΔΑΓΩΓΙΚΟ ΔΗΜΟΤΙΚΗΣ ΕΚΠΑΙΔΕΥΣΗΣ (ΦΛΩΡΙΝΑ)	ΠΑΝ ΔΥΤ ΜΑΚ/ΝΙΑΣ	90% ΓΕΝΙΚΗ ΣΕΙΡΑ ΕΣΠΕΡΙΝΑ	2	2	11,781	12.77	14.3		10,906	10.57	27.3	
334	ΕΚΠΑΙΔΕΥΣΗΣ & ΑΓΩΓΗΣ ΣΤΗΝ ΠΡΟΣΧΟΛΙΚΗ ΗΛΙΚΙΑ (ΑΘΗΝΑ)	ΕΚΠΑ	90% ΓΕΝΙΚΗ ΣΕΙΡΑ ΕΣΠΕΡΙΝΑ	1	1	15,101	15.70	26.0		15,101	15.70	26.0	
154	ΕΠΙΣΤΗΜΩΝ ΤΗΣ ΠΡΟΣΧΟΛΙΚΗΣ ΑΓΩΓΗΣ & ΕΚΠΑΙΔΕΥΣΗΣ (ΘΕΣΣΑΛΟΝΙΚΗ)	ΑΠΘ	90% ΓΕΝΙΚΗ ΣΕΙΡΑ ΕΣΠΕΡΙΝΑ	1	1	11,870	12.25	22.4		11,870	12.25	22.4	
155	ΠΑΙΔΑΓΩΓΙΚΟ ΠΡΟΣΧΟΛΙΚΗΣ ΕΚΠΑΙΔΕΥΣΗΣ (ΒΟΛΟΣ)	ΠΑΝ ΘΕΣΣΑΛΙΑΣ	90% ΓΕΝΙΚΗ ΣΕΙΡΑ ΕΣΠΕΡΙΝΑ	1	1	12,205	12.62	24.5		12,205	12.62	24.5	
160	ΕΠΙΣΤΗΜΩΝ ΤΗΣ ΠΡΟΣΧΟΛΙΚΗΣ ΑΓΩΓΗΣ (ΡΕΘΥΜΝΟ)	ΠΑΝ ΚΡΗΤΗΣ	90% ΓΕΝΙΚΗ ΣΕΙΡΑ ΕΣΠΕΡΙΝΑ	1	1	8,574	8.42	17.5		8,574	8.42	17.5	
162	ΕΠΙΣΤΗΜΩΝ ΤΗΣ ΠΡΟΣΧΟΛΙΚΗΣ ΑΓΩΓΗΣ & ΕΚΠΑΙΔΕΥΣΗΣ (ΡΟΔΟΣ)	ΠΑΝ ΑΙΓΑΙΟΥ	90% ΓΕΝΙΚΗ ΣΕΙΡΑ ΕΣΠΕΡΙΝΑ	2	2	7,704	8.00	13.4		7,263	7.85	10.1	
